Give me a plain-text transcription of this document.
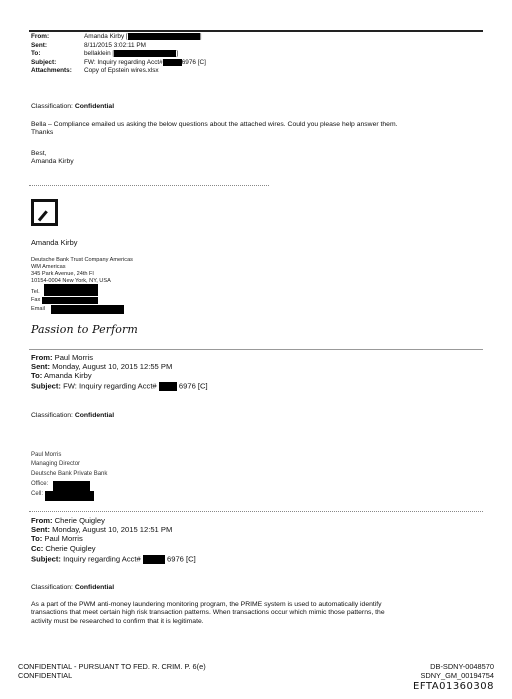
From:	Amanda Kirby [	]
Sent:	8/11/2015 3:02:11 PM
To:	bellaklein [	]
Subject:	FW: Inquiry regarding Acct#	6976 [C]
Attachments:	Copy of Epstein wires.xlsx
Classification: Confidential
Bella – Compliance emailed us asking the below questions about the attached wires. Could you please help answer them.
Thanks
Best,
Amanda Kirby
Amanda Kirby
Deutsche Bank Trust Company Americas
WM Americas
345 Park Avenue, 24th Fl
10154-0004 New York, NY, USA
Tel.
Fax
Email
Passion to Perform
From: Paul Morris
Sent: Monday, August 10, 2015 12:55 PM
To: Amanda Kirby
Subject: FW: Inquiry regarding Acct#	6976 [C]
Classification: Confidential
Paul Morris
Managing Director
Deutsche Bank Private Bank
Office:
Cell:
From: Cherie Quigley
Sent: Monday, August 10, 2015 12:51 PM
To: Paul Morris
Cc: Cherie Quigley
Subject: Inquiry regarding Acct#	6976 [C]
Classification: Confidential
As a part of the PWM anti-money laundering monitoring program, the PRIME system is used to automatically identify
transactions that meet certain high risk transaction patterns. When transactions occur which mimic those patterns, the
activity must be researched to confirm that it is legitimate.
CONFIDENTIAL - PURSUANT TO FED. R. CRIM. P. 6(e)
CONFIDENTIAL
DB-SDNY-0048570
SDNY_GM_00194754
EFTA01360308
